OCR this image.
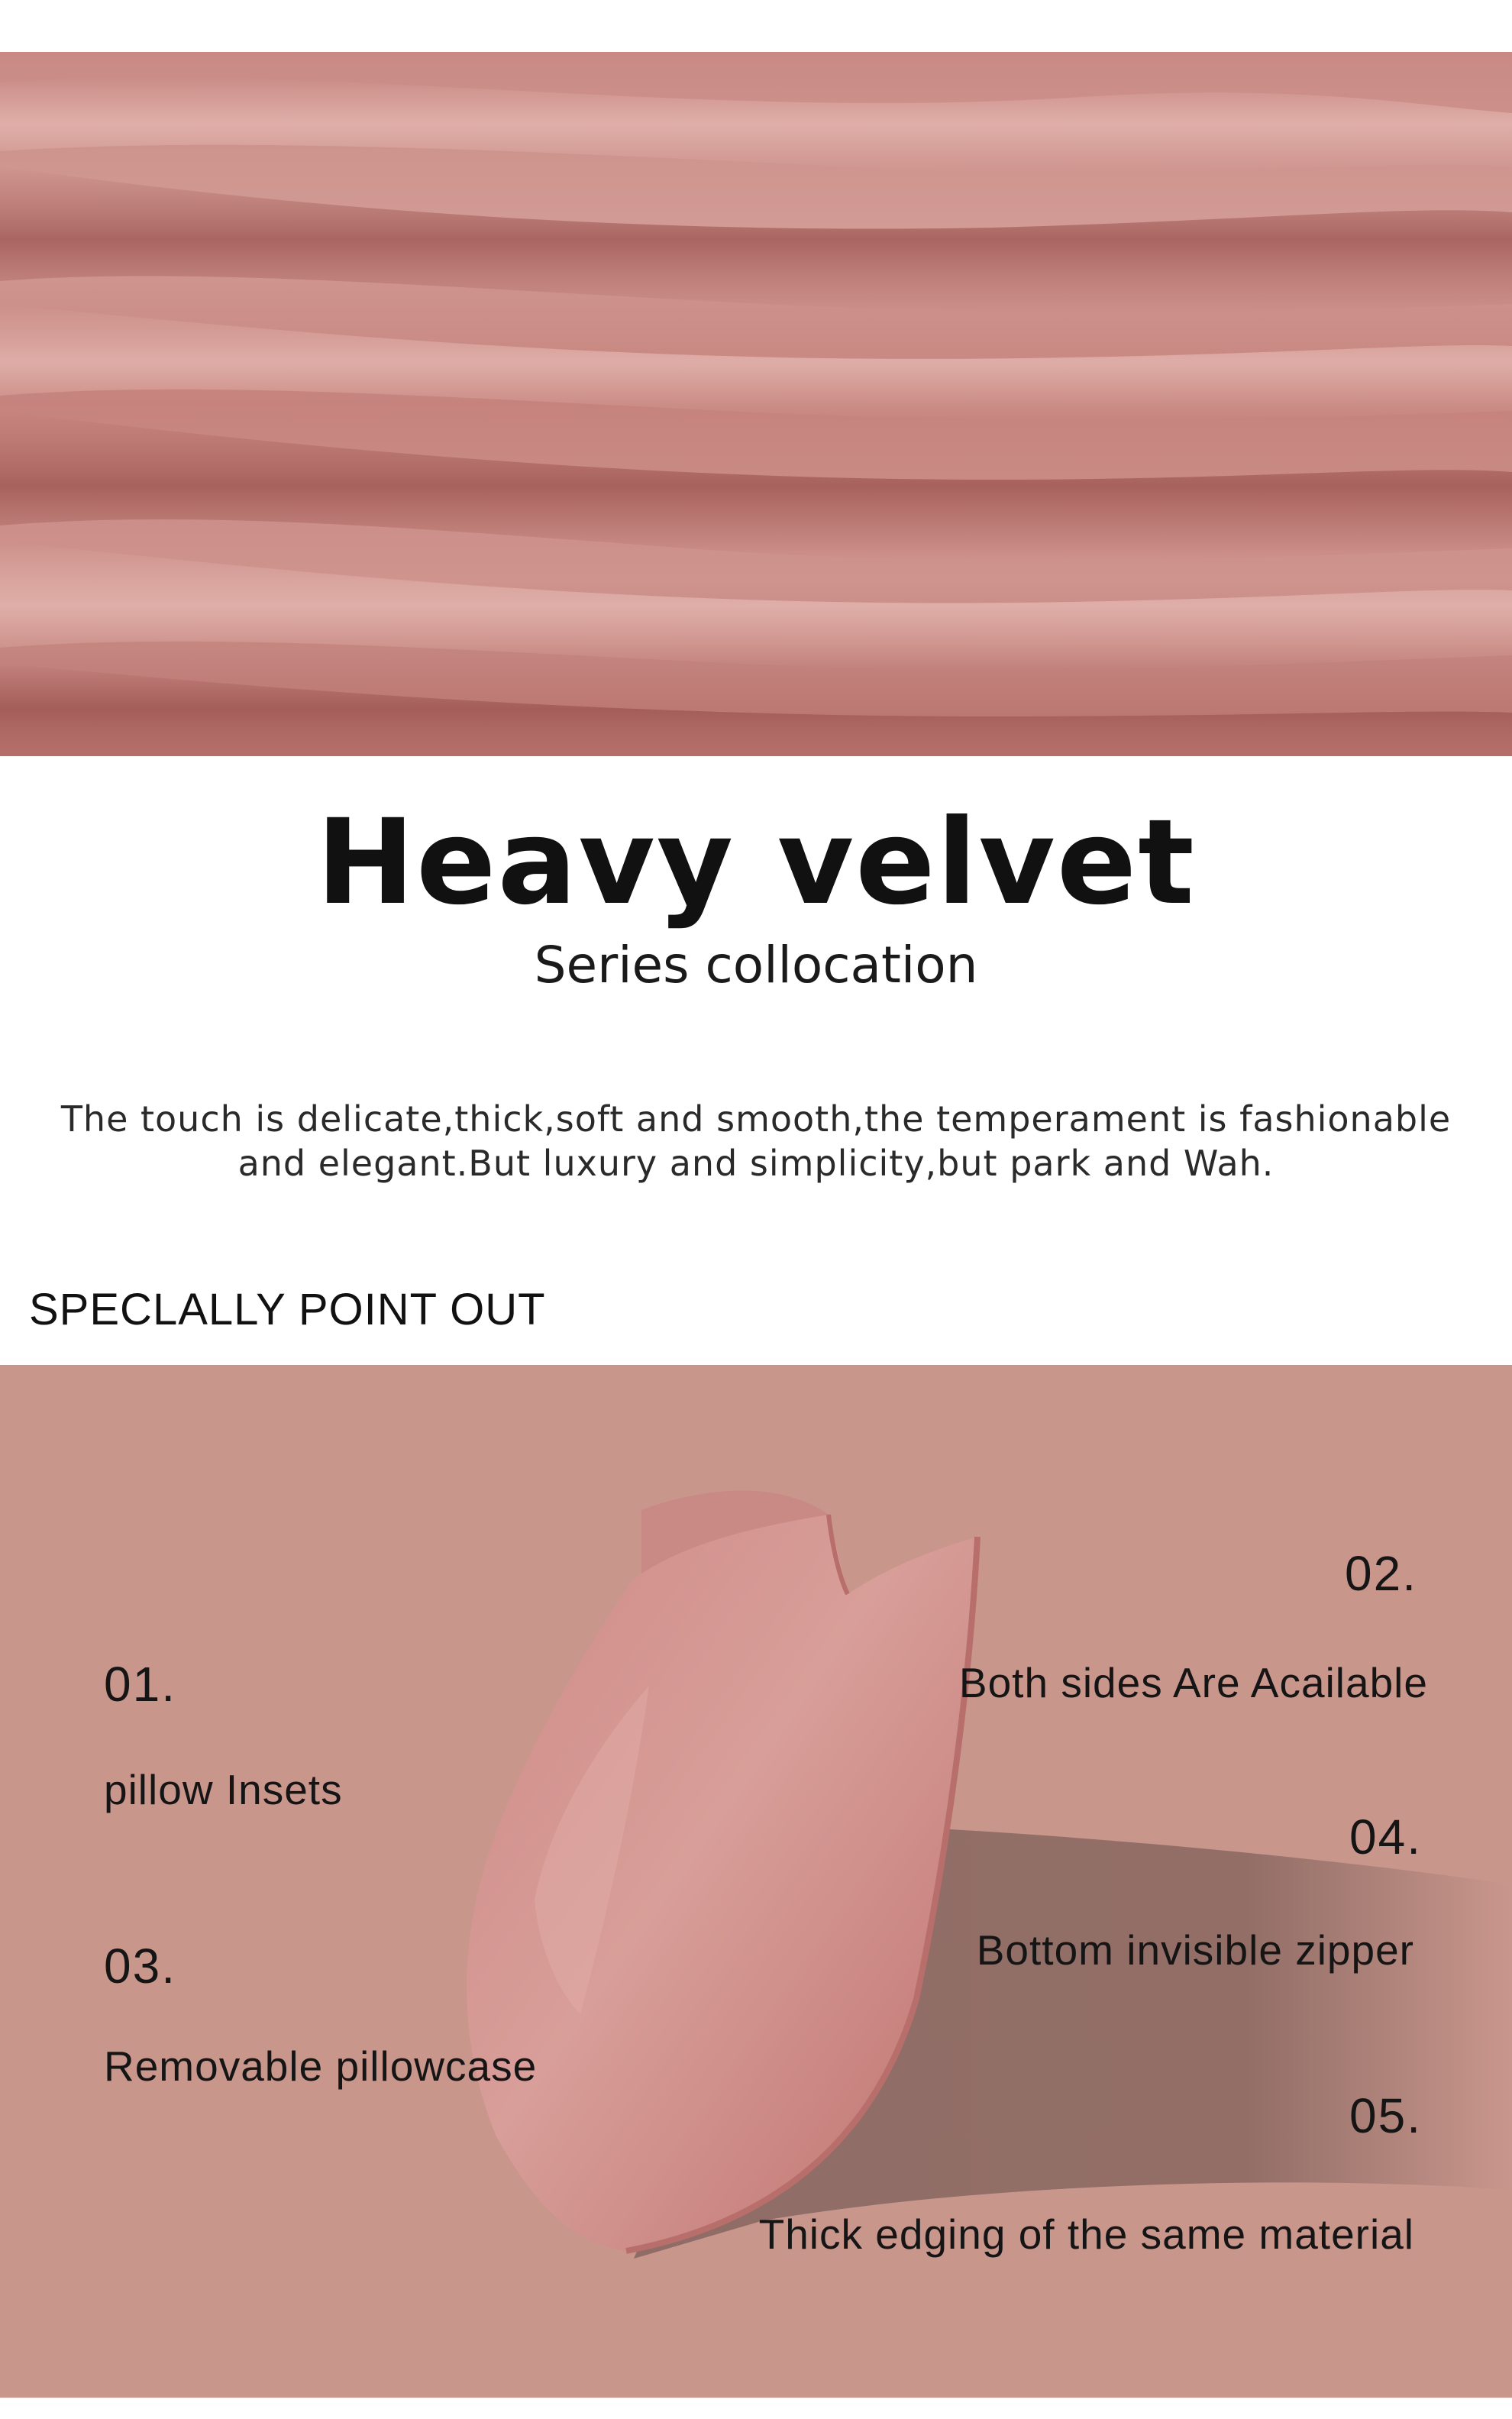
Heavy velvet
Series collocation
The touch is delicate,thick,soft and smooth,the temperament is fashionable and elegant.But luxury and simplicity,but park and Wah.
SPECLALLY POINT OUT
01.
pillow Insets
02.
Both sides Are Acailable
03.
Removable pillowcase
04.
Bottom invisible zipper
05.
Thick edging of the same material
